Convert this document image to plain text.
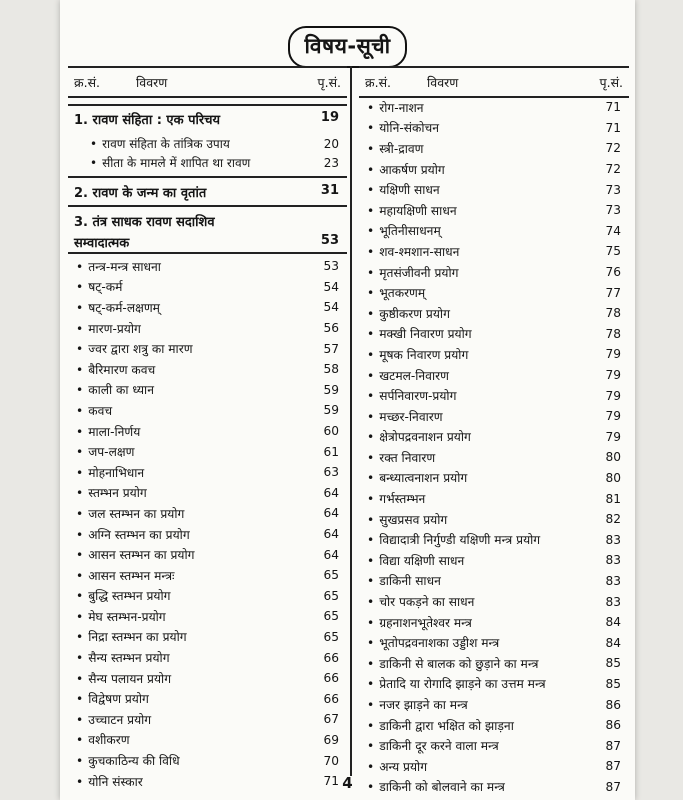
विषय-सूची
क्र.सं.	विवरण	पृ.सं. क्र.सं.	विवरण	पृ.सं.
1. रावण संहिता : एक परिचय	19
• रावण संहिता के तांत्रिक उपाय	20
• सीता के मामले में शापित था रावण	23
2. रावण के जन्म का वृतांत	31
3. तंत्र साधक रावण सदाशिव
सम्वादात्मक	53
• तन्त्र-मन्त्र साधना	53
• षट्-कर्म	54
• षट्-कर्म-लक्षणम्	54
• मारण-प्रयोग	56
• ज्वर द्वारा शत्रु का मारण	57
• बैरिमारण कवच	58
• काली का ध्यान	59
• कवच	59
• माला-निर्णय	60
• जप-लक्षण	61
• मोहनाभिधान	63
• स्तम्भन प्रयोग	64
• जल स्तम्भन का प्रयोग	64
• अग्नि स्तम्भन का प्रयोग	64
• आसन स्तम्भन का प्रयोग	64
• आसन स्तम्भन मन्त्रः	65
• बुद्धि स्तम्भन प्रयोग	65
• मेघ स्तम्भन-प्रयोग	65
• निद्रा स्तम्भन का प्रयोग	65
• सैन्य स्तम्भन प्रयोग	66
• सैन्य पलायन प्रयोग	66
• विद्वेषण प्रयोग	66
• उच्चाटन प्रयोग	67
• वशीकरण	69
• कुचकाठिन्य की विधि	70
• योनि संस्कार	71
• रोग-नाशन	71
• योनि-संकोचन	71
• स्त्री-द्रावण	72
• आकर्षण प्रयोग	72
• यक्षिणी साधन	73
• महायक्षिणी साधन	73
• भूतिनीसाधनम्	74
• शव-श्मशान-साधन	75
• मृतसंजीवनी प्रयोग	76
• भूतकरणम्	77
• कुष्ठीकरण प्रयोग	78
• मक्खी निवारण प्रयोग	78
• मूषक निवारण प्रयोग	79
• खटमल-निवारण	79
• सर्पनिवारण-प्रयोग	79
• मच्छर-निवारण	79
• क्षेत्रोपद्रवनाशन प्रयोग	79
• रक्त निवारण	80
• बन्ध्यात्वनाशन प्रयोग	80
• गर्भस्तम्भन	81
• सुखप्रसव प्रयोग	82
• विद्यादात्री निर्गुण्डी यक्षिणी मन्त्र प्रयोग	83
• विद्या यक्षिणी साधन	83
• डाकिनी साधन	83
• चोर पकड़ने का साधन	83
• ग्रहनाशनभूतेश्वर मन्त्र	84
• भूतोपद्रवनाशका उड्डीश मन्त्र	84
• डाकिनी से बालक को छुड़ाने का मन्त्र	85
• प्रेतादि या रोगादि झाड़ने का उत्तम मन्त्र	85
• नजर झाड़ने का मन्त्र	86
• डाकिनी द्वारा भक्षित को झाड़ना	86
• डाकिनी दूर करने वाला मन्त्र	87
• अन्य प्रयोग	87
• डाकिनी को बोलवाने का मन्त्र	87
4
